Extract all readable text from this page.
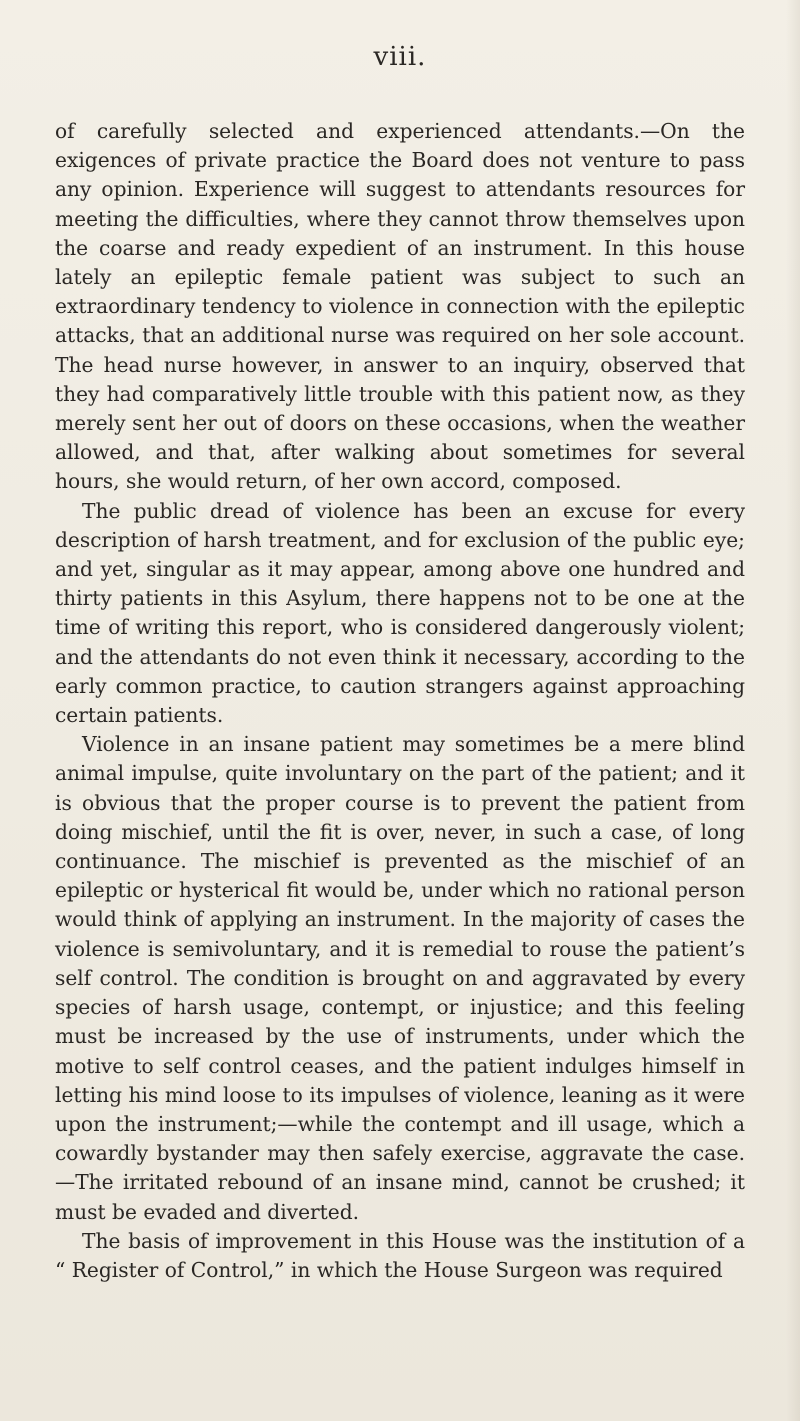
viii.

of carefully selected and experienced attendants.—On the exigences of private practice the Board does not venture to pass any opinion. Experience will suggest to attendants resources for meeting the difficulties, where they cannot throw themselves upon the coarse and ready expedient of an instrument. In this house lately an epileptic female patient was subject to such an extraordinary tendency to violence in connection with the epileptic attacks, that an additional nurse was required on her sole account. The head nurse however, in answer to an inquiry, observed that they had comparatively little trouble with this patient now, as they merely sent her out of doors on these occasions, when the weather allowed, and that, after walking about sometimes for several hours, she would return, of her own accord, composed.

The public dread of violence has been an excuse for every description of harsh treatment, and for exclusion of the public eye; and yet, singular as it may appear, among above one hundred and thirty patients in this Asylum, there happens not to be one at the time of writing this report, who is considered dangerously violent; and the attendants do not even think it necessary, according to the early common practice, to caution strangers against approaching certain patients.

Violence in an insane patient may sometimes be a mere blind animal impulse, quite involuntary on the part of the patient; and it is obvious that the proper course is to prevent the patient from doing mischief, until the fit is over, never, in such a case, of long continuance. The mischief is prevented as the mischief of an epileptic or hysterical fit would be, under which no rational person would think of applying an instrument. In the majority of cases the violence is semivoluntary, and it is remedial to rouse the patient’s self control. The condition is brought on and aggravated by every species of harsh usage, contempt, or injustice; and this feeling must be increased by the use of instruments, under which the motive to self control ceases, and the patient indulges himself in letting his mind loose to its impulses of violence, leaning as it were upon the instrument;—while the contempt and ill usage, which a cowardly bystander may then safely exercise, aggravate the case.—The irritated rebound of an insane mind, cannot be crushed; it must be evaded and diverted.

The basis of improvement in this House was the institution of a “ Register of Control,” in which the House Surgeon was required
